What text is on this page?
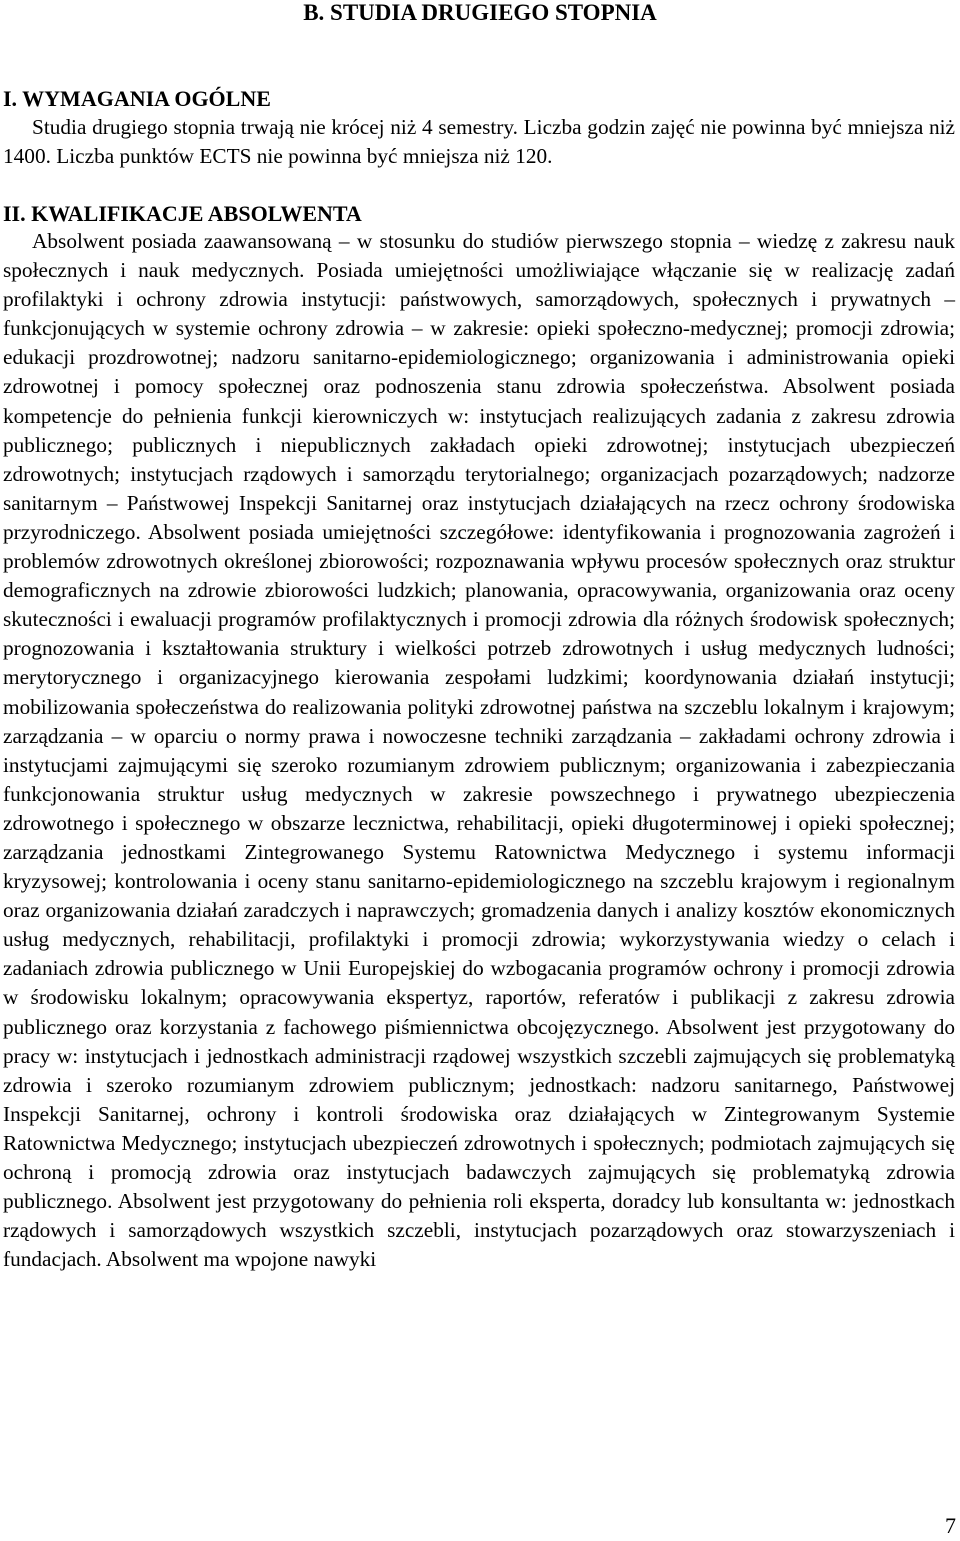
B. STUDIA DRUGIEGO STOPNIA
I. WYMAGANIA OGÓLNE

Studia drugiego stopnia trwają nie krócej niż 4 semestry. Liczba godzin zajęć nie powinna być mniejsza niż 1400. Liczba punktów ECTS nie powinna być mniejsza niż 120.

II. KWALIFIKACJE ABSOLWENTA

Absolwent posiada zaawansowaną – w stosunku do studiów pierwszego stopnia – wiedzę z zakresu nauk społecznych i nauk medycznych. Posiada umiejętności umożliwiające włączanie się w realizację zadań profilaktyki i ochrony zdrowia instytucji: państwowych, samorządowych, społecznych i prywatnych – funkcjonujących w systemie ochrony zdrowia – w zakresie: opieki społeczno-medycznej; promocji zdrowia; edukacji prozdrowotnej; nadzoru sanitarno-epidemiologicznego; organizowania i administrowania opieki zdrowotnej i pomocy społecznej oraz podnoszenia stanu zdrowia społeczeństwa. Absolwent posiada kompetencje do pełnienia funkcji kierowniczych w: instytucjach realizujących zadania z zakresu zdrowia publicznego; publicznych i niepublicznych zakładach opieki zdrowotnej; instytucjach ubezpieczeń zdrowotnych; instytucjach rządowych i samorządu terytorialnego; organizacjach pozarządowych; nadzorze sanitarnym – Państwowej Inspekcji Sanitarnej oraz instytucjach działających na rzecz ochrony środowiska przyrodniczego. Absolwent posiada umiejętności szczegółowe: identyfikowania i prognozowania zagrożeń i problemów zdrowotnych określonej zbiorowości; rozpoznawania wpływu procesów społecznych oraz struktur demograficznych na zdrowie zbiorowości ludzkich; planowania, opracowywania, organizowania oraz oceny skuteczności i ewaluacji programów profilaktycznych i promocji zdrowia dla różnych środowisk społecznych; prognozowania i kształtowania struktury i wielkości potrzeb zdrowotnych i usług medycznych ludności; merytorycznego i organizacyjnego kierowania zespołami ludzkimi; koordynowania działań instytucji; mobilizowania społeczeństwa do realizowania polityki zdrowotnej państwa na szczeblu lokalnym i krajowym; zarządzania – w oparciu o normy prawa i nowoczesne techniki zarządzania – zakładami ochrony zdrowia i instytucjami zajmującymi się szeroko rozumianym zdrowiem publicznym; organizowania i zabezpieczania funkcjonowania struktur usług medycznych w zakresie powszechnego i prywatnego ubezpieczenia zdrowotnego i społecznego w obszarze lecznictwa, rehabilitacji, opieki długoterminowej i opieki społecznej; zarządzania jednostkami Zintegrowanego Systemu Ratownictwa Medycznego i systemu informacji kryzysowej; kontrolowania i oceny stanu sanitarno-epidemiologicznego na szczeblu krajowym i regionalnym oraz organizowania działań zaradczych i naprawczych; gromadzenia danych i analizy kosztów ekonomicznych usług medycznych, rehabilitacji, profilaktyki i promocji zdrowia; wykorzystywania wiedzy o celach i zadaniach zdrowia publicznego w Unii Europejskiej do wzbogacania programów ochrony i promocji zdrowia w środowisku lokalnym; opracowywania ekspertyz, raportów, referatów i publikacji z zakresu zdrowia publicznego oraz korzystania z fachowego piśmiennictwa obcojęzycznego. Absolwent jest przygotowany do pracy w: instytucjach i jednostkach administracji rządowej wszystkich szczebli zajmujących się problematyką zdrowia i szeroko rozumianym zdrowiem publicznym; jednostkach: nadzoru sanitarnego, Państwowej Inspekcji Sanitarnej, ochrony i kontroli środowiska oraz działających w Zintegrowanym Systemie Ratownictwa Medycznego; instytucjach ubezpieczeń zdrowotnych i społecznych; podmiotach zajmujących się ochroną i promocją zdrowia oraz instytucjach badawczych zajmujących się problematyką zdrowia publicznego. Absolwent jest przygotowany do pełnienia roli eksperta, doradcy lub konsultanta w: jednostkach rządowych i samorządowych wszystkich szczebli, instytucjach pozarządowych oraz stowarzyszeniach i fundacjach. Absolwent ma wpojone nawyki

7
